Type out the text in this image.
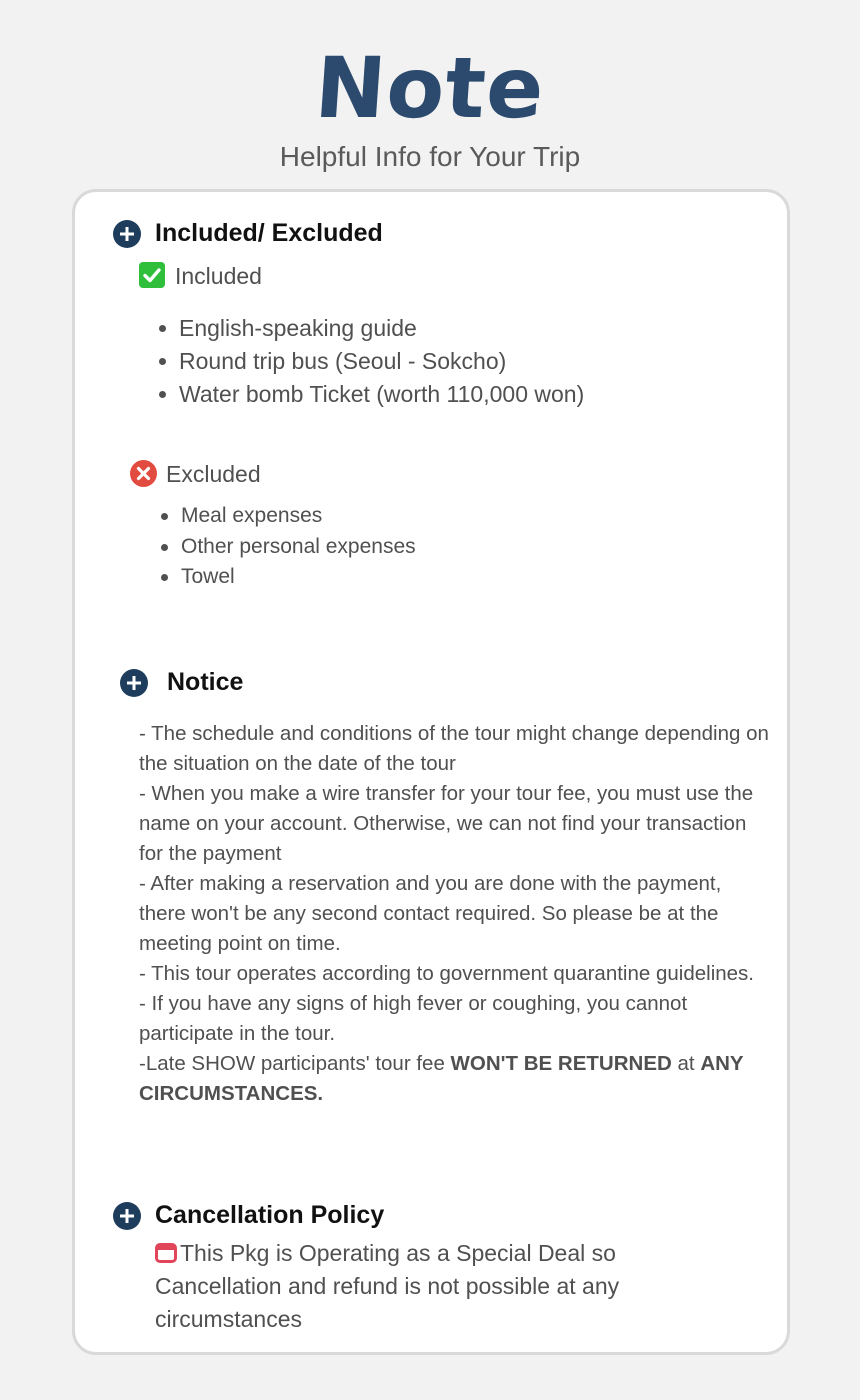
Note
Helpful Info for Your Trip
Included/ Excluded
Included
English-speaking guide
Round trip bus (Seoul - Sokcho)
Water bomb Ticket (worth 110,000 won)
Excluded
Meal expenses
Other personal expenses
Towel
Notice

- The schedule and conditions of the tour might change depending on the situation on the date of the tour

- When you make a wire transfer for your tour fee, you must use the name on your account. Otherwise, we can not find your transaction for the payment

- After making a reservation and you are done with the payment, there won't be any second contact required. So please be at the meeting point on time.

- This tour operates according to government quarantine guidelines.

- If you have any signs of high fever or coughing, you cannot participate in the tour.

-Late SHOW participants' tour fee WON'T BE RETURNED at ANY CIRCUMSTANCES.

Cancellation Policy
This Pkg is Operating as a Special Deal so Cancellation and refund is not possible at any circumstances
